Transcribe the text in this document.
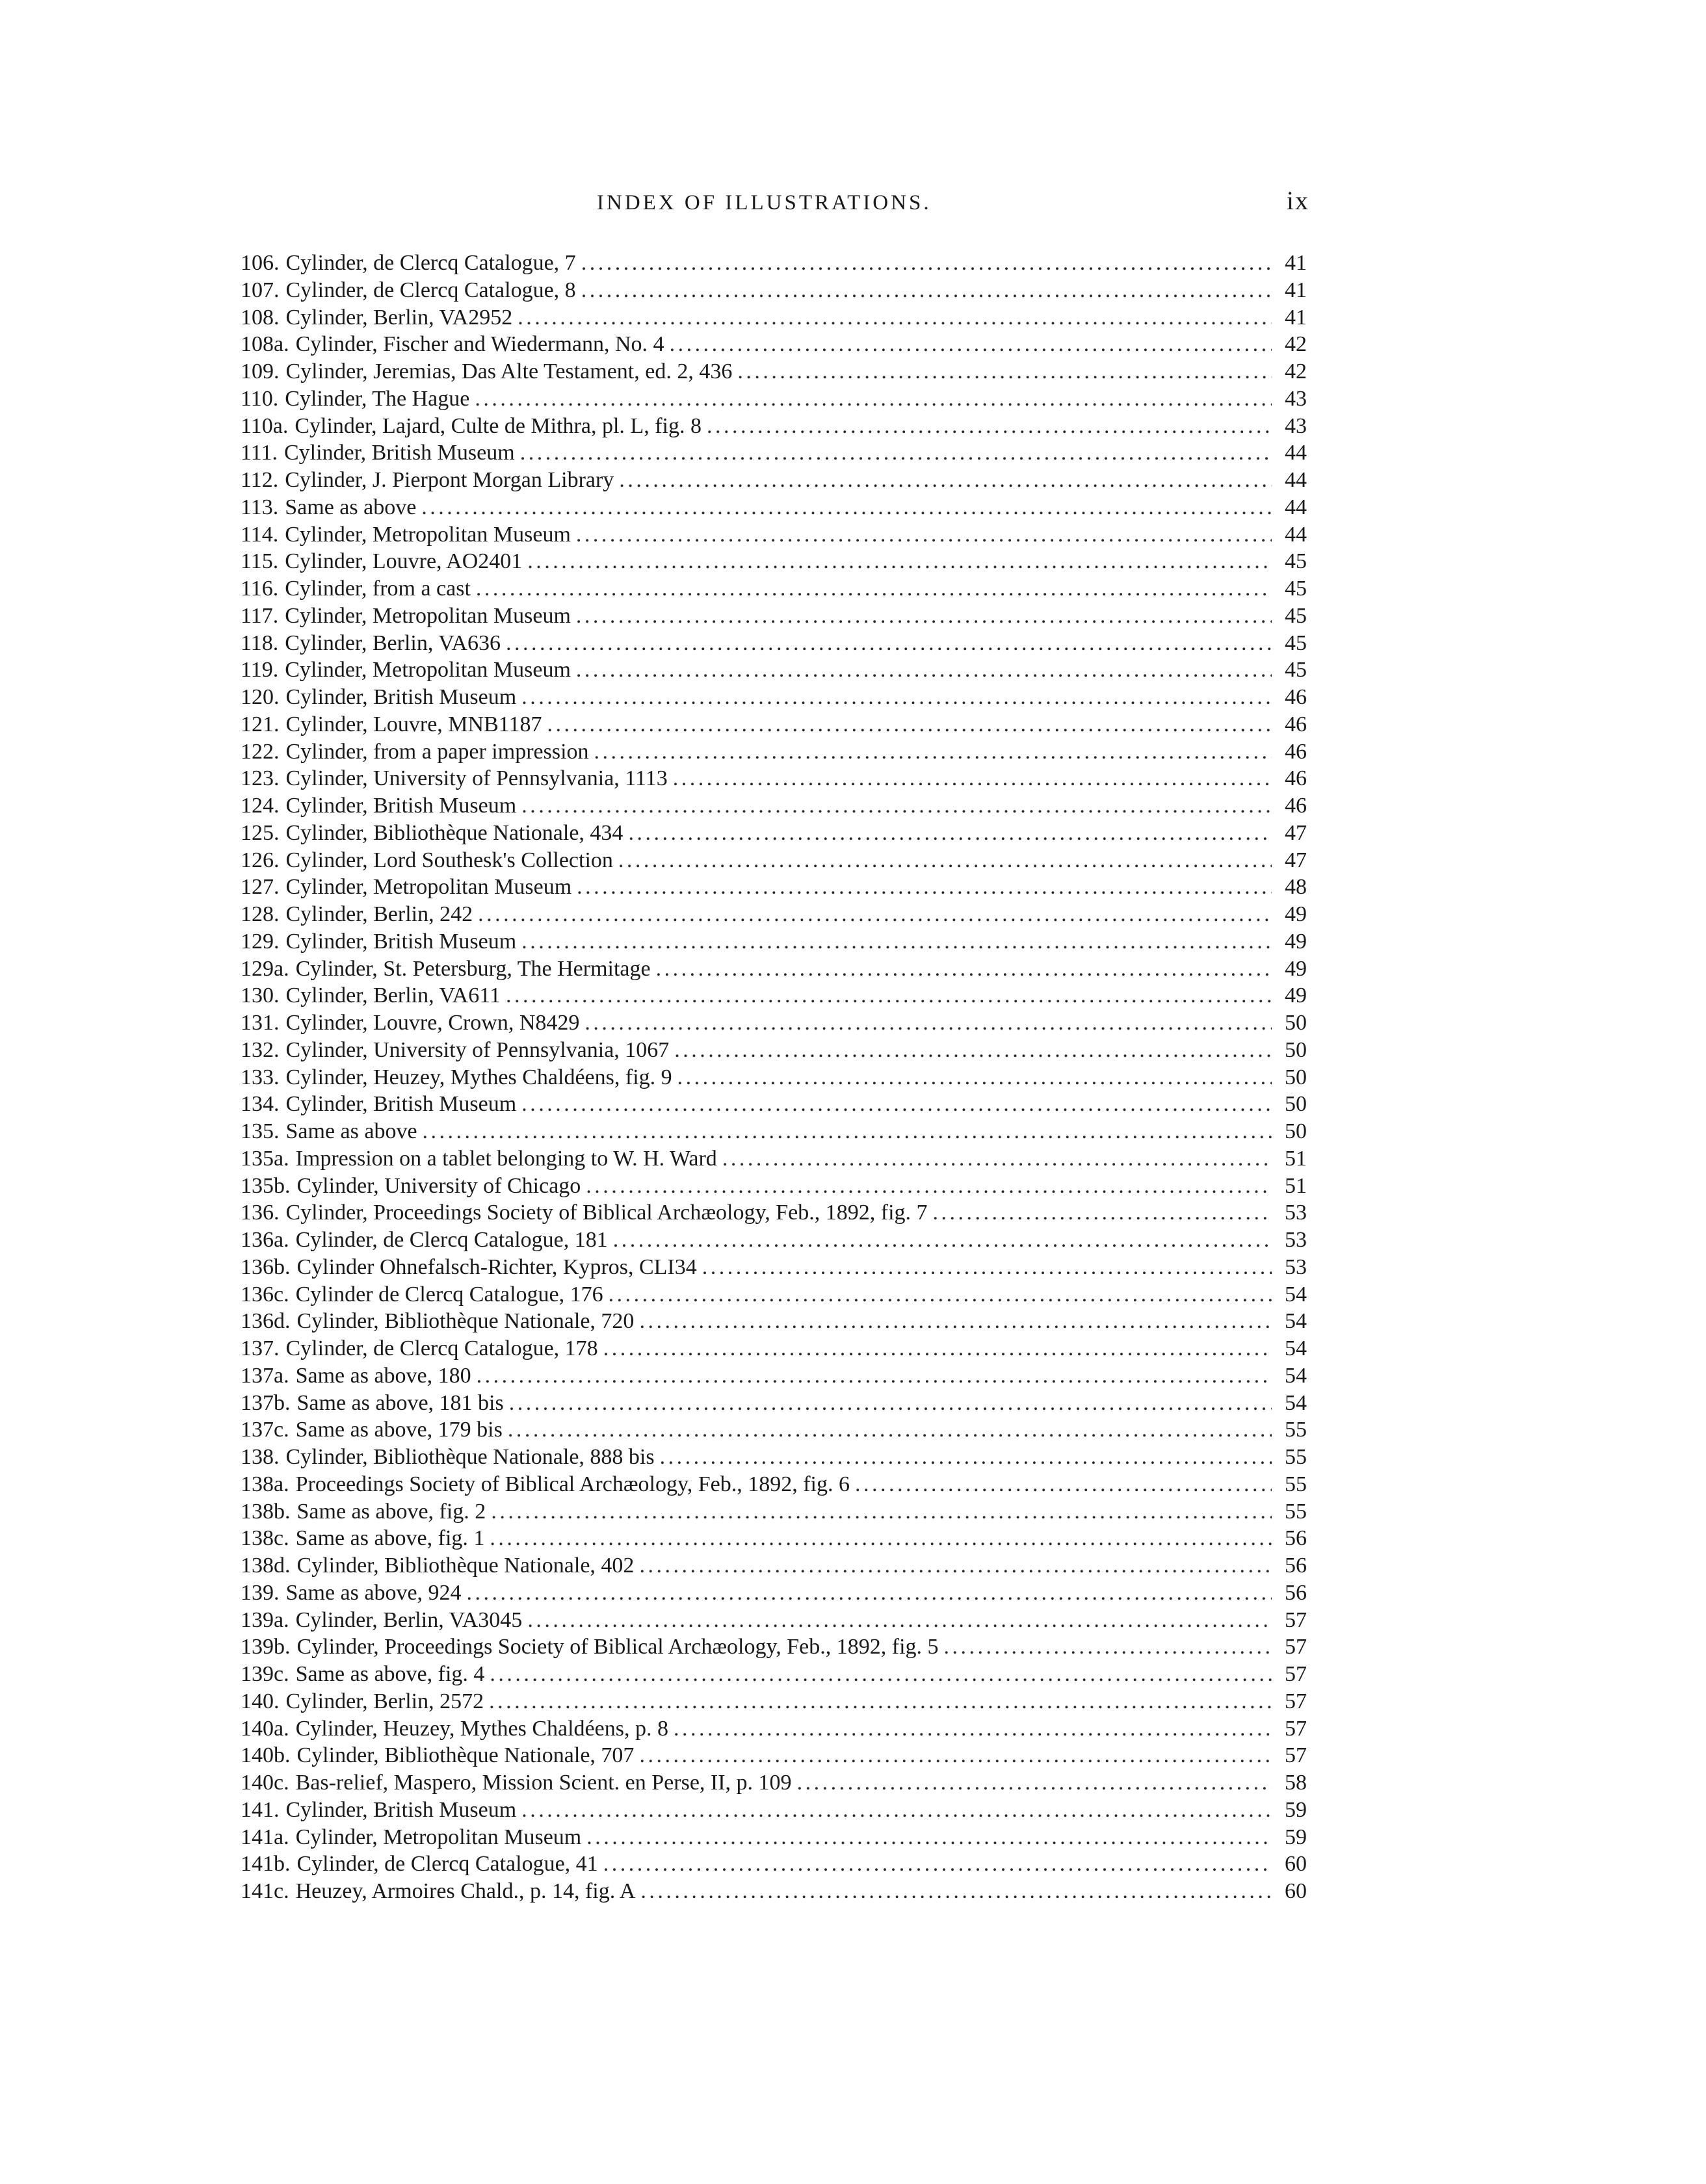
INDEX OF ILLUSTRATIONS.	ix
106. Cylinder, de Clercq Catalogue, 7 . . .	41
107. Cylinder, de Clercq Catalogue, 8 . . .	41
108. Cylinder, Berlin, VA2952 . . .	41
108a. Cylinder, Fischer and Wiedermann, No. 4 . . .	42
109. Cylinder, Jeremias, Das Alte Testament, ed. 2, 436 . . .	42
110. Cylinder, The Hague . . .	43
110a. Cylinder, Lajard, Culte de Mithra, pl. L, fig. 8 . . .	43
111. Cylinder, British Museum . . .	44
112. Cylinder, J. Pierpont Morgan Library . . .	44
113. Same as above . . .	44
114. Cylinder, Metropolitan Museum . . .	44
115. Cylinder, Louvre, AO2401 . . .	45
116. Cylinder, from a cast . . .	45
117. Cylinder, Metropolitan Museum . . .	45
118. Cylinder, Berlin, VA636 . . .	45
119. Cylinder, Metropolitan Museum . . .	45
120. Cylinder, British Museum . . .	46
121. Cylinder, Louvre, MNB1187 . . .	46
122. Cylinder, from a paper impression . . .	46
123. Cylinder, University of Pennsylvania, 1113 . . .	46
124. Cylinder, British Museum . . .	46
125. Cylinder, Bibliothèque Nationale, 434 . . .	47
126. Cylinder, Lord Southesk's Collection . . .	47
127. Cylinder, Metropolitan Museum . . .	48
128. Cylinder, Berlin, 242 . . .	49
129. Cylinder, British Museum . . .	49
129a. Cylinder, St. Petersburg, The Hermitage . . .	49
130. Cylinder, Berlin, VA611 . . .	49
131. Cylinder, Louvre, Crown, N8429 . . .	50
132. Cylinder, University of Pennsylvania, 1067 . . .	50
133. Cylinder, Heuzey, Mythes Chaldéens, fig. 9 . . .	50
134. Cylinder, British Museum . . .	50
135. Same as above . . .	50
135a. Impression on a tablet belonging to W. H. Ward . . .	51
135b. Cylinder, University of Chicago . . .	51
136. Cylinder, Proceedings Society of Biblical Archæology, Feb., 1892, fig. 7 . . .	53
136a. Cylinder, de Clercq Catalogue, 181 . . .	53
136b. Cylinder Ohnefalsch-Richter, Kypros, CLI34 . . .	53
136c. Cylinder de Clercq Catalogue, 176 . . .	54
136d. Cylinder, Bibliothèque Nationale, 720 . . .	54
137. Cylinder, de Clercq Catalogue, 178 . . .	54
137a. Same as above, 180 . . .	54
137b. Same as above, 181 bis . . .	54
137c. Same as above, 179 bis . . .	55
138. Cylinder, Bibliothèque Nationale, 888 bis . . .	55
138a. Proceedings Society of Biblical Archæology, Feb., 1892, fig. 6 . . .	55
138b. Same as above, fig. 2 . . .	55
138c. Same as above, fig. 1 . . .	56
138d. Cylinder, Bibliothèque Nationale, 402 . . .	56
139. Same as above, 924 . . .	56
139a. Cylinder, Berlin, VA3045 . . .	57
139b. Cylinder, Proceedings Society of Biblical Archæology, Feb., 1892, fig. 5 . . .	57
139c. Same as above, fig. 4 . . .	57
140. Cylinder, Berlin, 2572 . . .	57
140a. Cylinder, Heuzey, Mythes Chaldéens, p. 8 . . .	57
140b. Cylinder, Bibliothèque Nationale, 707 . . .	57
140c. Bas-relief, Maspero, Mission Scient. en Perse, II, p. 109 . . .	58
141. Cylinder, British Museum . . .	59
141a. Cylinder, Metropolitan Museum . . .	59
141b. Cylinder, de Clercq Catalogue, 41 . . .	60
141c. Heuzey, Armoires Chald., p. 14, fig. A . . .	60
